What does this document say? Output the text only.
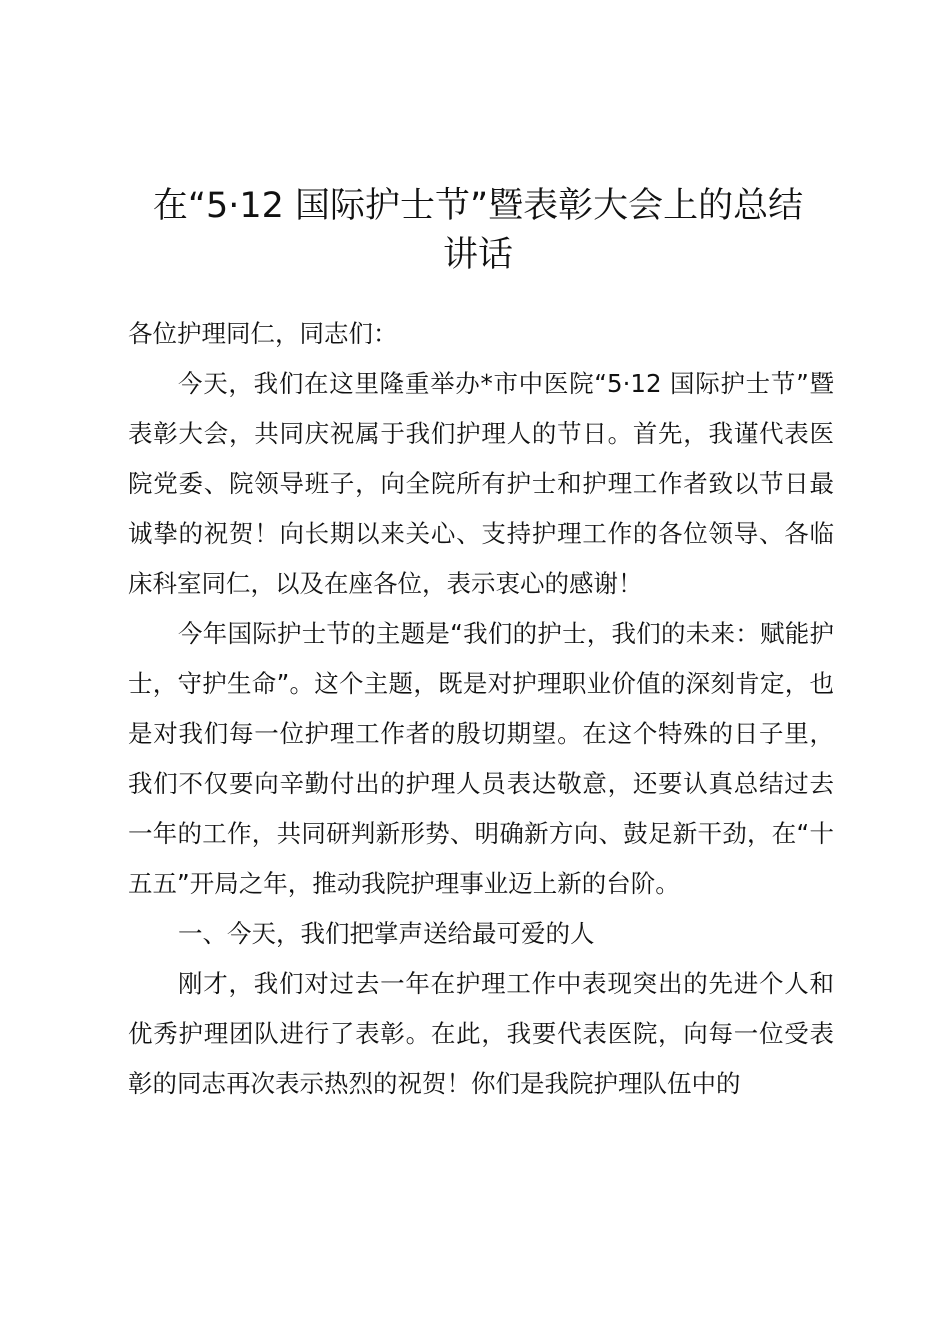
在“5·12 国际护士节”暨表彰大会上的总结
讲话

各位护理同仁，同志们：

今天，我们在这里隆重举办*市中医院“5·12 国际护士节”暨表彰大会，共同庆祝属于我们护理人的节日。首先，我谨代表医院党委、院领导班子，向全院所有护士和护理工作者致以节日最诚挚的祝贺！向长期以来关心、支持护理工作的各位领导、各临床科室同仁，以及在座各位，表示衷心的感谢！

今年国际护士节的主题是“我们的护士，我们的未来：赋能护士，守护生命”。这个主题，既是对护理职业价值的深刻肯定，也是对我们每一位护理工作者的殷切期望。在这个特殊的日子里，我们不仅要向辛勤付出的护理人员表达敬意，还要认真总结过去一年的工作，共同研判新形势、明确新方向、鼓足新干劲，在“十五五”开局之年，推动我院护理事业迈上新的台阶。

一、今天，我们把掌声送给最可爱的人

刚才，我们对过去一年在护理工作中表现突出的先进个人和优秀护理团队进行了表彰。在此，我要代表医院，向每一位受表彰的同志再次表示热烈的祝贺！你们是我院护理队伍中的
